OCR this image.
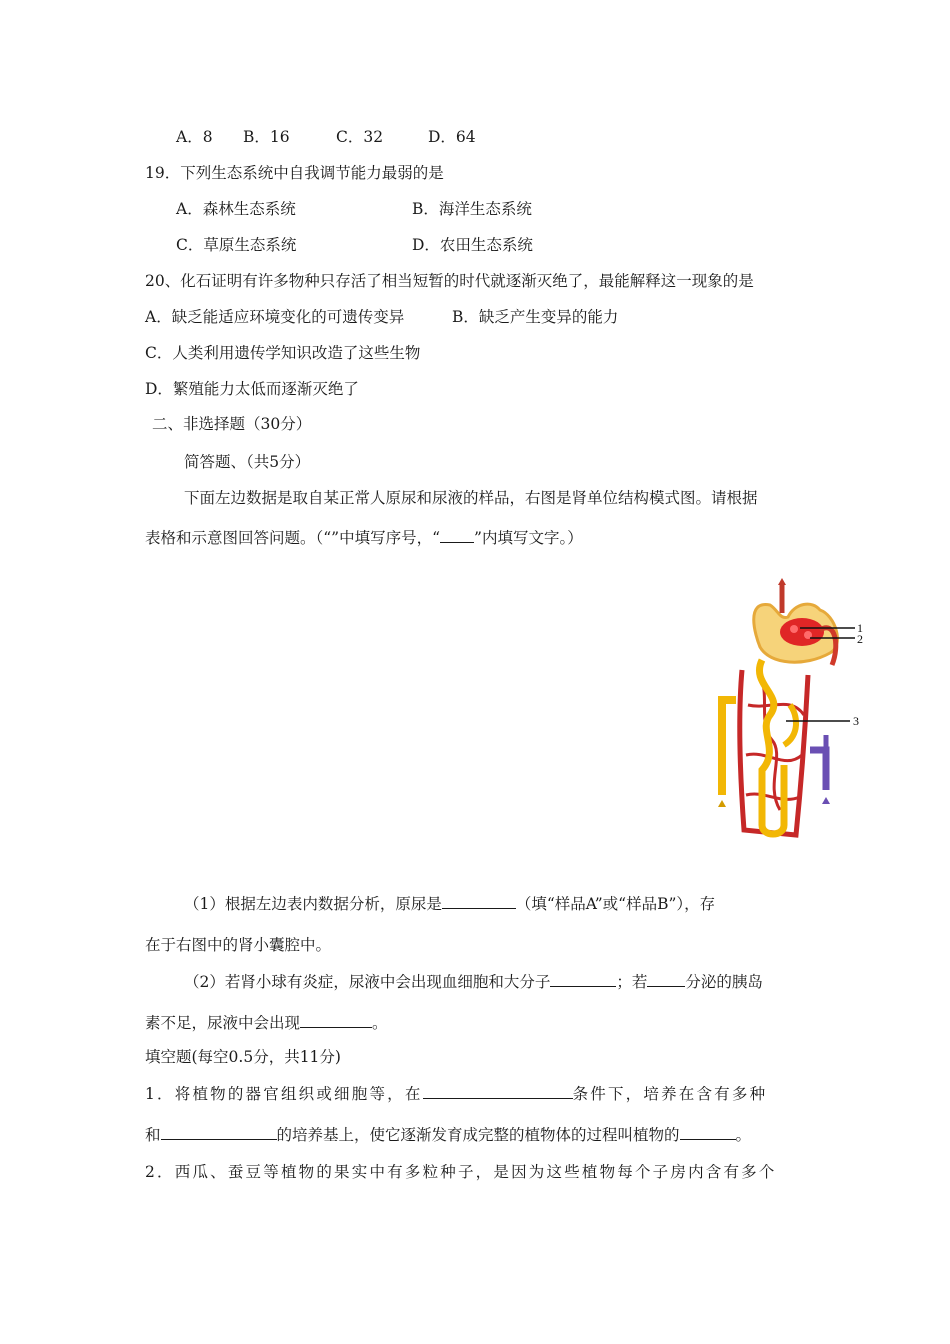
A．8 B．16	C．32	D．64
19．下列生态系统中自我调节能力最弱的是
A．森林生态系统	B．海洋生态系统
C．草原生态系统	D．农田生态系统
20、化石证明有许多物种只存活了相当短暂的时代就逐渐灭绝了，最能解释这一现象的是
A．缺乏能适应环境变化的可遗传变异	B．缺乏产生变异的能力
C．人类利用遗传学知识改造了这些生物
D．繁殖能力太低而逐渐灭绝了
二、非选择题（30分）
简答题、（共5分）
下面左边数据是取自某正常人原尿和尿液的样品，右图是肾单位结构模式图。请根据
表格和示意图回答问题。（“”中填写序号，“ ”内填写文字。）
1
2
3
（1）根据左边表内数据分析，原尿是	（填“样品A”或“样品B”），存
在于右图中的肾小囊腔中。
（2）若肾小球有炎症，尿液中会出现血细胞和大分子	；若 分泌的胰岛
素不足，尿液中会出现	。
填空题(每空0.5分，共11分)
1．将植物的器官组织或细胞等，在	条件下，培养在含有多种
和	的培养基上，使它逐渐发育成完整的植物体的过程叫植物的	。
2．西瓜、蚕豆等植物的果实中有多粒种子，是因为这些植物每个子房内含有多个
